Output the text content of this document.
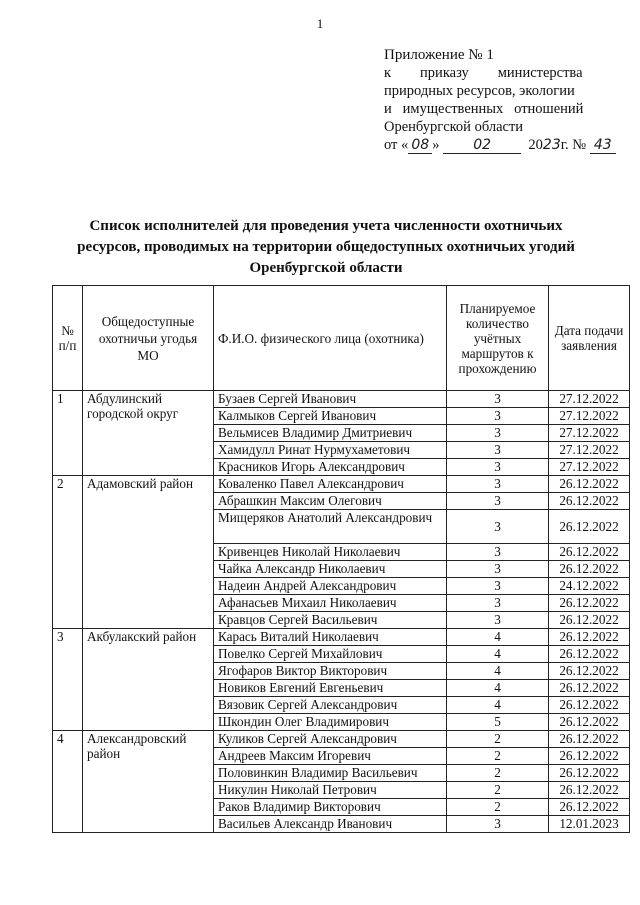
1
Приложение № 1
к        приказу        министерства
природных ресурсов, экологии
и   имущественных   отношений
Оренбургской области
от « 08 » 02  2023г. № 43
Список исполнителей для проведения учета численности охотничьих ресурсов, проводимых на территории общедоступных охотничьих угодий Оренбургской области
№ п/п	Общедоступные охотничьи угодья МО	Ф.И.О. физического лица (охотника)	Планируемое количество учётных маршрутов к прохождению	Дата подачи заявления
1	Абдулинский городской округ	Бузаев Сергей Иванович	3	27.12.2022
		Калмыков Сергей Иванович	3	27.12.2022
		Вельмисев Владимир Дмитриевич	3	27.12.2022
		Хамидулл Ринат Нурмухаметович	3	27.12.2022
		Красников Игорь Александрович	3	27.12.2022
2	Адамовский район	Коваленко Павел Александрович	3	26.12.2022
		Абрашкин Максим Олегович	3	26.12.2022
		Мищеряков Анатолий Александрович	3	26.12.2022
		Кривенцев Николай Николаевич	3	26.12.2022
		Чайка Александр Николаевич	3	26.12.2022
		Надеин Андрей Александрович	3	24.12.2022
		Афанасьев Михаил Николаевич	3	26.12.2022
		Кравцов Сергей Васильевич	3	26.12.2022
3	Акбулакский район	Карась Виталий Николаевич	4	26.12.2022
		Повелко Сергей Михайлович	4	26.12.2022
		Ягофаров Виктор Викторович	4	26.12.2022
		Новиков Евгений Евгеньевич	4	26.12.2022
		Вязовик Сергей Александрович	4	26.12.2022
		Шкондин Олег Владимирович	5	26.12.2022
4	Александровский район	Куликов Сергей Александрович	2	26.12.2022
		Андреев Максим Игоревич	2	26.12.2022
		Половинкин Владимир Васильевич	2	26.12.2022
		Никулин Николай Петрович	2	26.12.2022
		Раков Владимир Викторович	2	26.12.2022
		Васильев Александр Иванович	3	12.01.2023
